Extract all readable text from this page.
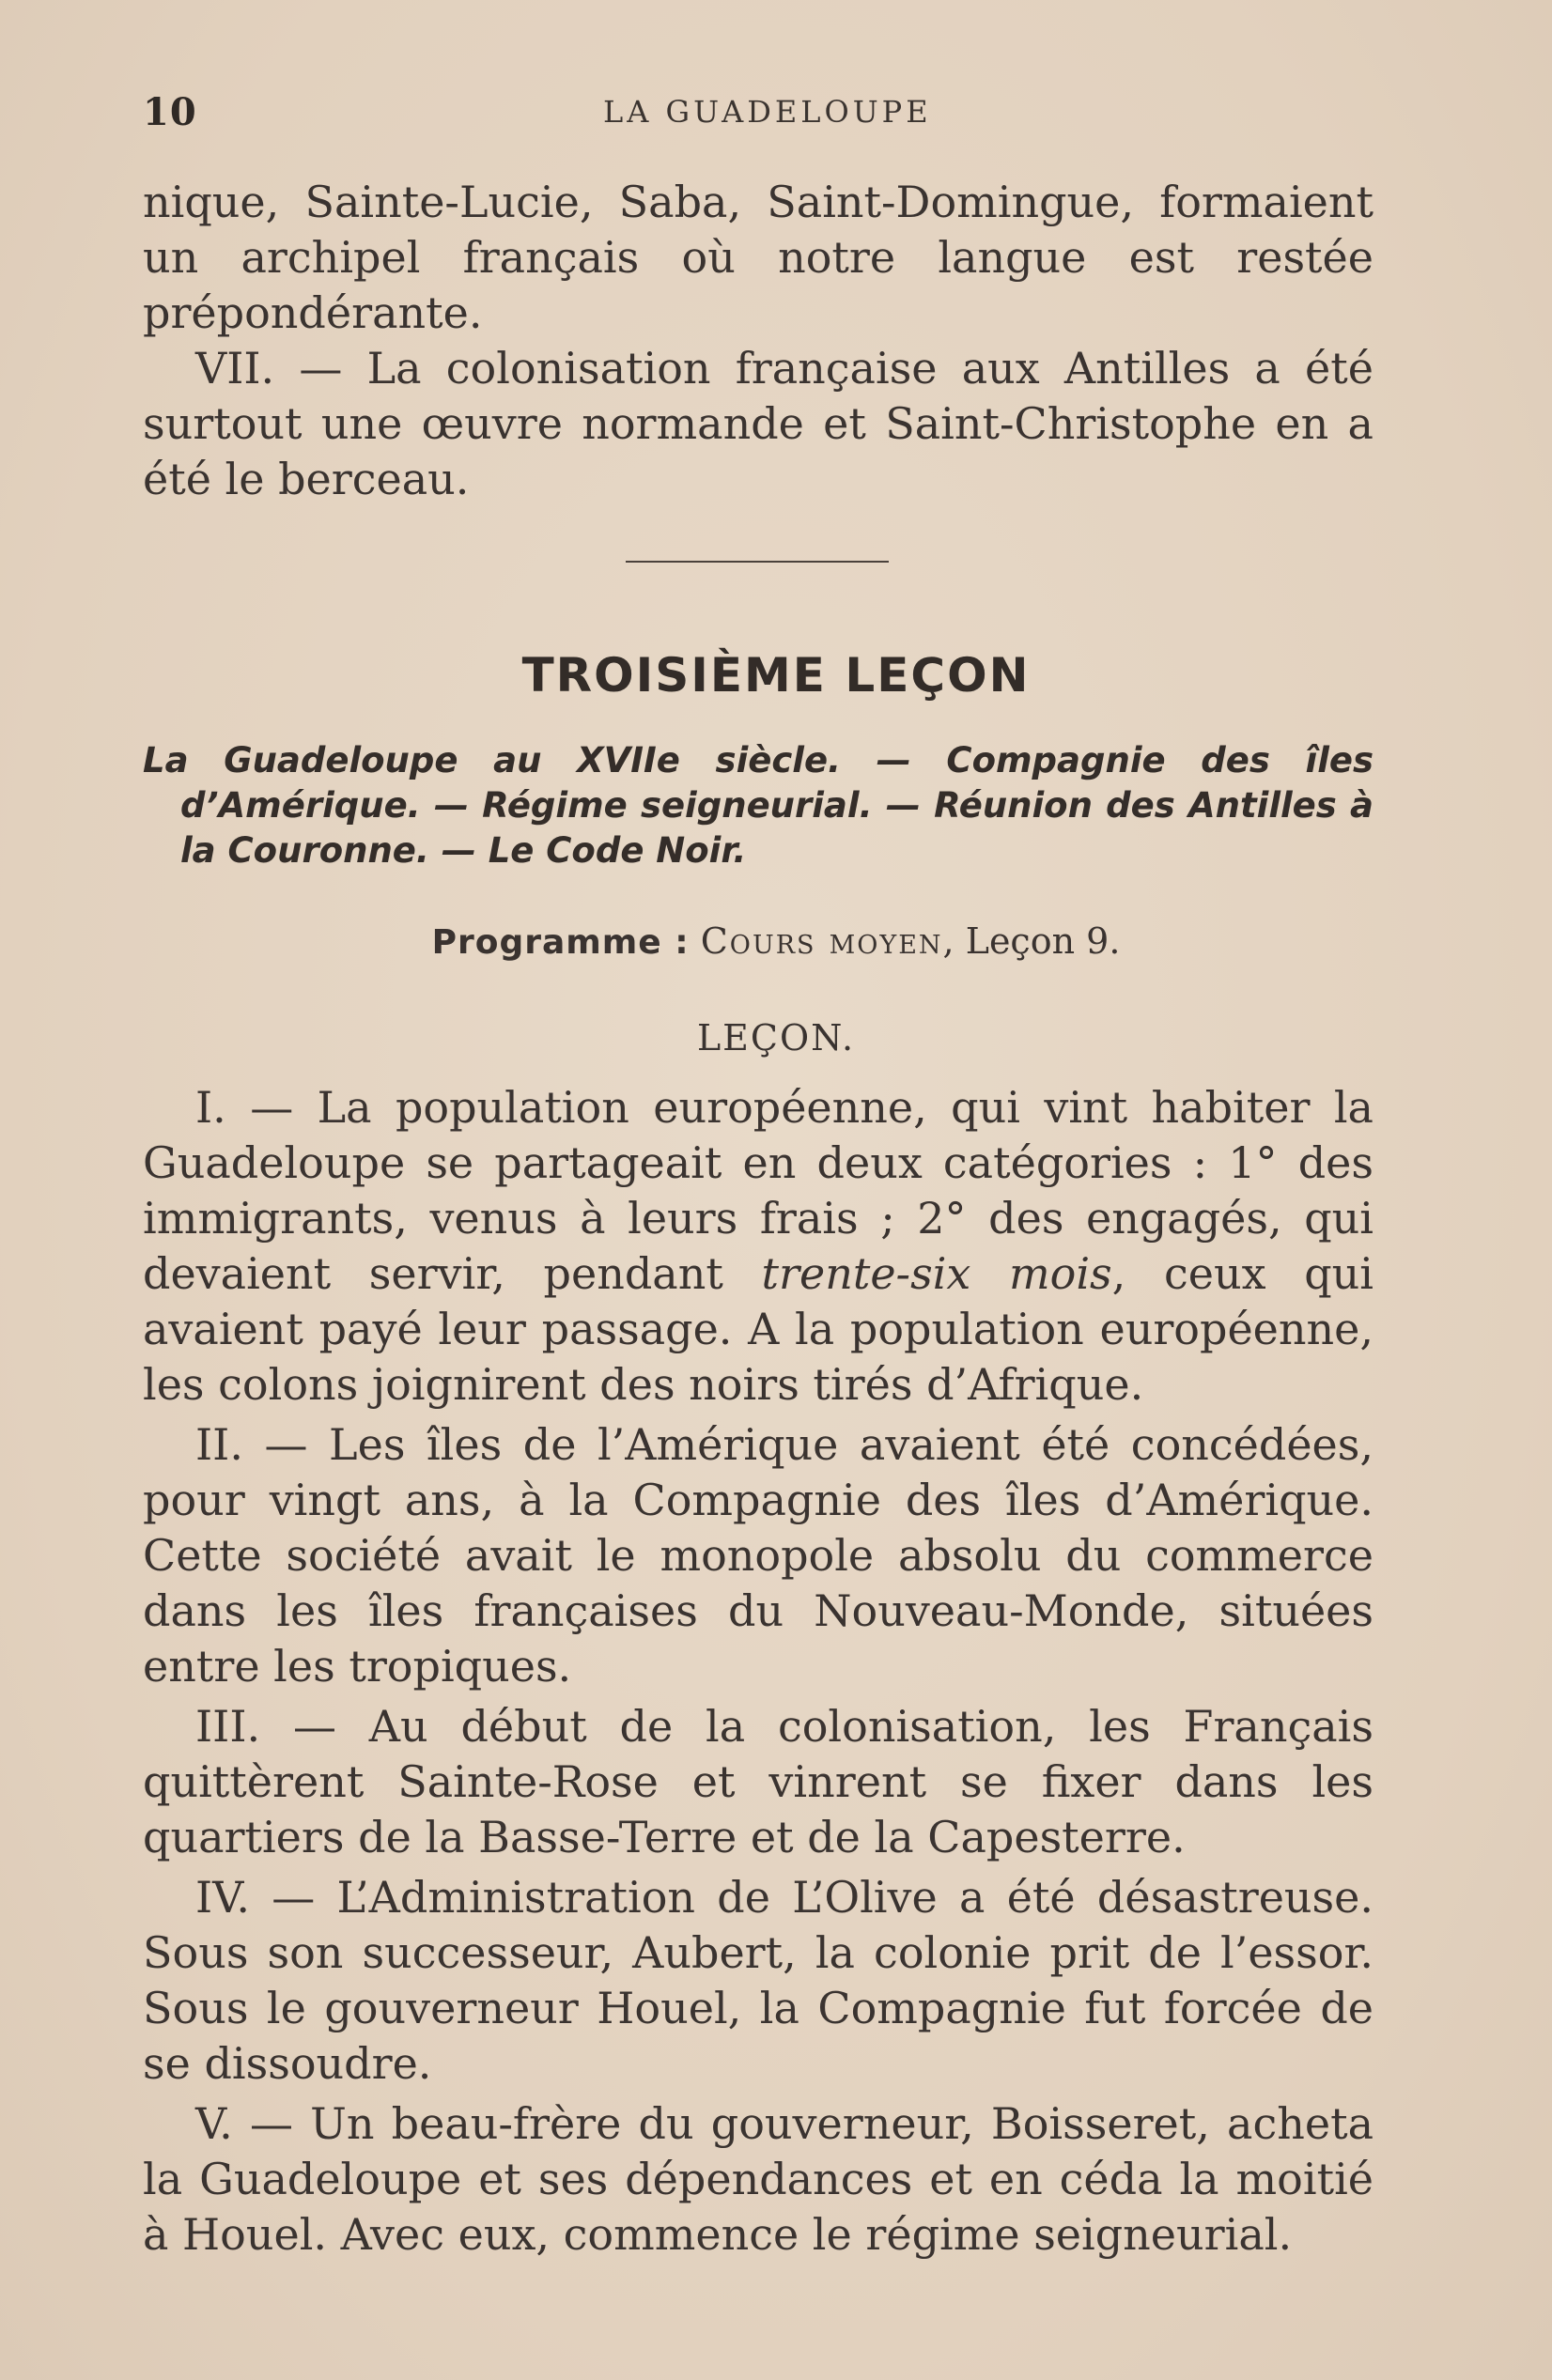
10	LA GUADELOUPE

nique, Sainte-Lucie, Saba, Saint-Domingue, formaient un archipel français où notre langue est restée prépondérante.

VII. — La colonisation française aux Antilles a été surtout une œuvre normande et Saint-Christophe en a été le berceau.

TROISIÈME LEÇON

La Guadeloupe au XVIIe siècle. — Compagnie des îles d’Amérique. — Régime seigneurial. — Réunion des Antilles à la Couronne. — Le Code Noir.

Programme : Cours moyen, Leçon 9.
LEÇON.

I. — La population européenne, qui vint habiter la Guadeloupe se partageait en deux catégories : 1° des immigrants, venus à leurs frais ; 2° des engagés, qui devaient servir, pendant trente-six mois, ceux qui avaient payé leur passage. A la population européenne, les colons joignirent des noirs tirés d’Afrique.

II. — Les îles de l’Amérique avaient été concédées, pour vingt ans, à la Compagnie des îles d’Amérique. Cette société avait le monopole absolu du commerce dans les îles françaises du Nouveau-Monde, situées entre les tropiques.

III. — Au début de la colonisation, les Français quittèrent Sainte-Rose et vinrent se fixer dans les quartiers de la Basse-Terre et de la Capesterre.

IV. — L’Administration de L’Olive a été désastreuse. Sous son successeur, Aubert, la colonie prit de l’essor. Sous le gouverneur Houel, la Compagnie fut forcée de se dissoudre.

V. — Un beau-frère du gouverneur, Boisseret, acheta la Guadeloupe et ses dépendances et en céda la moitié à Houel. Avec eux, commence le régime seigneurial.
